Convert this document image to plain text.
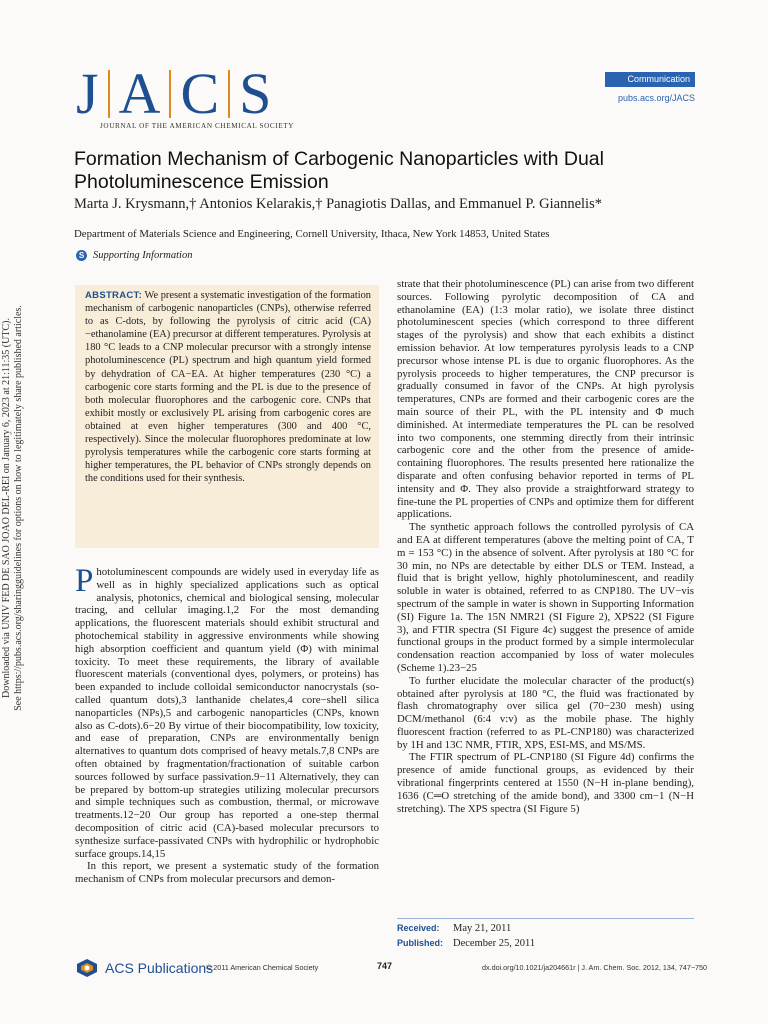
Downloaded via UNIV FED DE SAO JOAO DEL-REI on January 6, 2023 at 21:11:35 (UTC). See https://pubs.acs.org/sharingguidelines for options on how to legitimately share published articles.
J A C S
JOURNAL OF THE AMERICAN CHEMICAL SOCIETY
Communication
pubs.acs.org/JACS
Formation Mechanism of Carbogenic Nanoparticles with Dual Photoluminescence Emission
Marta J. Krysmann,† Antonios Kelarakis,† Panagiotis Dallas, and Emmanuel P. Giannelis*
Department of Materials Science and Engineering, Cornell University, Ithaca, New York 14853, United States
S Supporting Information

ABSTRACT: We present a systematic investigation of the formation mechanism of carbogenic nanoparticles (CNPs), otherwise referred to as C-dots, by following the pyrolysis of citric acid (CA)−ethanolamine (EA) precursor at different temperatures. Pyrolysis at 180 °C leads to a CNP molecular precursor with a strongly intense photoluminescence (PL) spectrum and high quantum yield formed by dehydration of CA−EA. At higher temperatures (230 °C) a carbogenic core starts forming and the PL is due to the presence of both molecular fluorophores and the carbogenic core. CNPs that exhibit mostly or exclusively PL arising from carbogenic cores are obtained at even higher temperatures (300 and 400 °C, respectively). Since the molecular fluorophores predominate at low pyrolysis temperatures while the carbogenic core starts forming at higher temperatures, the PL behavior of CNPs strongly depends on the conditions used for their synthesis.

Photoluminescent compounds are widely used in everyday life as well as in highly specialized applications such as optical analysis, photonics, chemical and biological sensing, molecular tracing, and cellular imaging.1,2 For the most demanding applications, the fluorescent materials should exhibit structural and photochemical stability in aggressive environments while showing high absorption coefficient and quantum yield (Φ) with minimal toxicity. To meet these requirements, the library of available fluorescent materials (conventional dyes, polymers, or proteins) has been expanded to include colloidal semiconductor nanocrystals (so-called quantum dots),3 lanthanide chelates,4 core−shell silica nanoparticles (NPs),5 and carbogenic nanoparticles (CNPs, known also as C-dots).6−20 By virtue of their biocompatibility, low toxicity, and ease of preparation, CNPs are environmentally benign alternatives to quantum dots comprised of heavy metals.7,8 CNPs are often obtained by fragmentation/fractionation of suitable carbon sources followed by surface passivation.9−11 Alternatively, they can be prepared by bottom-up strategies utilizing molecular precursors and simple techniques such as combustion, thermal, or microwave treatments.12−20 Our group has reported a one-step thermal decomposition of citric acid (CA)-based molecular precursors to synthesize surface-passivated CNPs with hydrophilic or hydrophobic surface groups.14,15

In this report, we present a systematic study of the formation mechanism of CNPs from molecular precursors and demon-

strate that their photoluminescence (PL) can arise from two different sources. Following pyrolytic decomposition of CA and ethanolamine (EA) (1:3 molar ratio), we isolate three distinct photoluminescent species (which correspond to three different stages of the pyrolysis) and show that each exhibits a distinct emission behavior. At low temperatures pyrolysis leads to a CNP precursor whose intense PL is due to organic fluorophores. As the pyrolysis proceeds to higher temperatures, the CNP precursor is gradually consumed in favor of the CNPs. At high pyrolysis temperatures, CNPs are formed and their carbogenic cores are the main source of their PL, with the PL intensity and Φ much diminished. At intermediate temperatures the PL can be resolved into two components, one stemming directly from their intrinsic carbogenic core and the other from the presence of amide-containing fluorophores. The results presented here rationalize the disparate and often confusing behavior reported in terms of PL intensity and Φ. They also provide a straightforward strategy to fine-tune the PL properties of CNPs and optimize them for different applications.

The synthetic approach follows the controlled pyrolysis of CA and EA at different temperatures (above the melting point of CA, T m = 153 °C) in the absence of solvent. After pyrolysis at 180 °C for 30 min, no NPs are detectable by either DLS or TEM. Instead, a fluid that is bright yellow, highly photoluminescent, and readily soluble in water is obtained, referred to as CNP180. The UV−vis spectrum of the sample in water is shown in Supporting Information (SI) Figure 1a. The 15N NMR21 (SI Figure 2), XPS22 (SI Figure 3), and FTIR spectra (SI Figure 4c) suggest the presence of amide functional groups in the product formed by a simple intermolecular condensation reaction accompanied by loss of water molecules (Scheme 1).23−25

To further elucidate the molecular character of the product(s) obtained after pyrolysis at 180 °C, the fluid was fractionated by flash chromatography over silica gel (70−230 mesh) using DCM/methanol (6:4 v:v) as the mobile phase. The highly fluorescent fraction (referred to as PL-CNP180) was characterized by 1H and 13C NMR, FTIR, XPS, ESI-MS, and MS/MS.

The FTIR spectrum of PL-CNP180 (SI Figure 4d) confirms the presence of amide functional groups, as evidenced by their vibrational fingerprints centered at 1550 (N−H in-plane bending), 1636 (C═O stretching of the amide bond), and 3300 cm−1 (N−H stretching). The XPS spectra (SI Figure 5)

Received: May 21, 2011
Published: December 25, 2011
ACS Publications
© 2011 American Chemical Society	747	dx.doi.org/10.1021/ja204661r | J. Am. Chem. Soc. 2012, 134, 747−750
